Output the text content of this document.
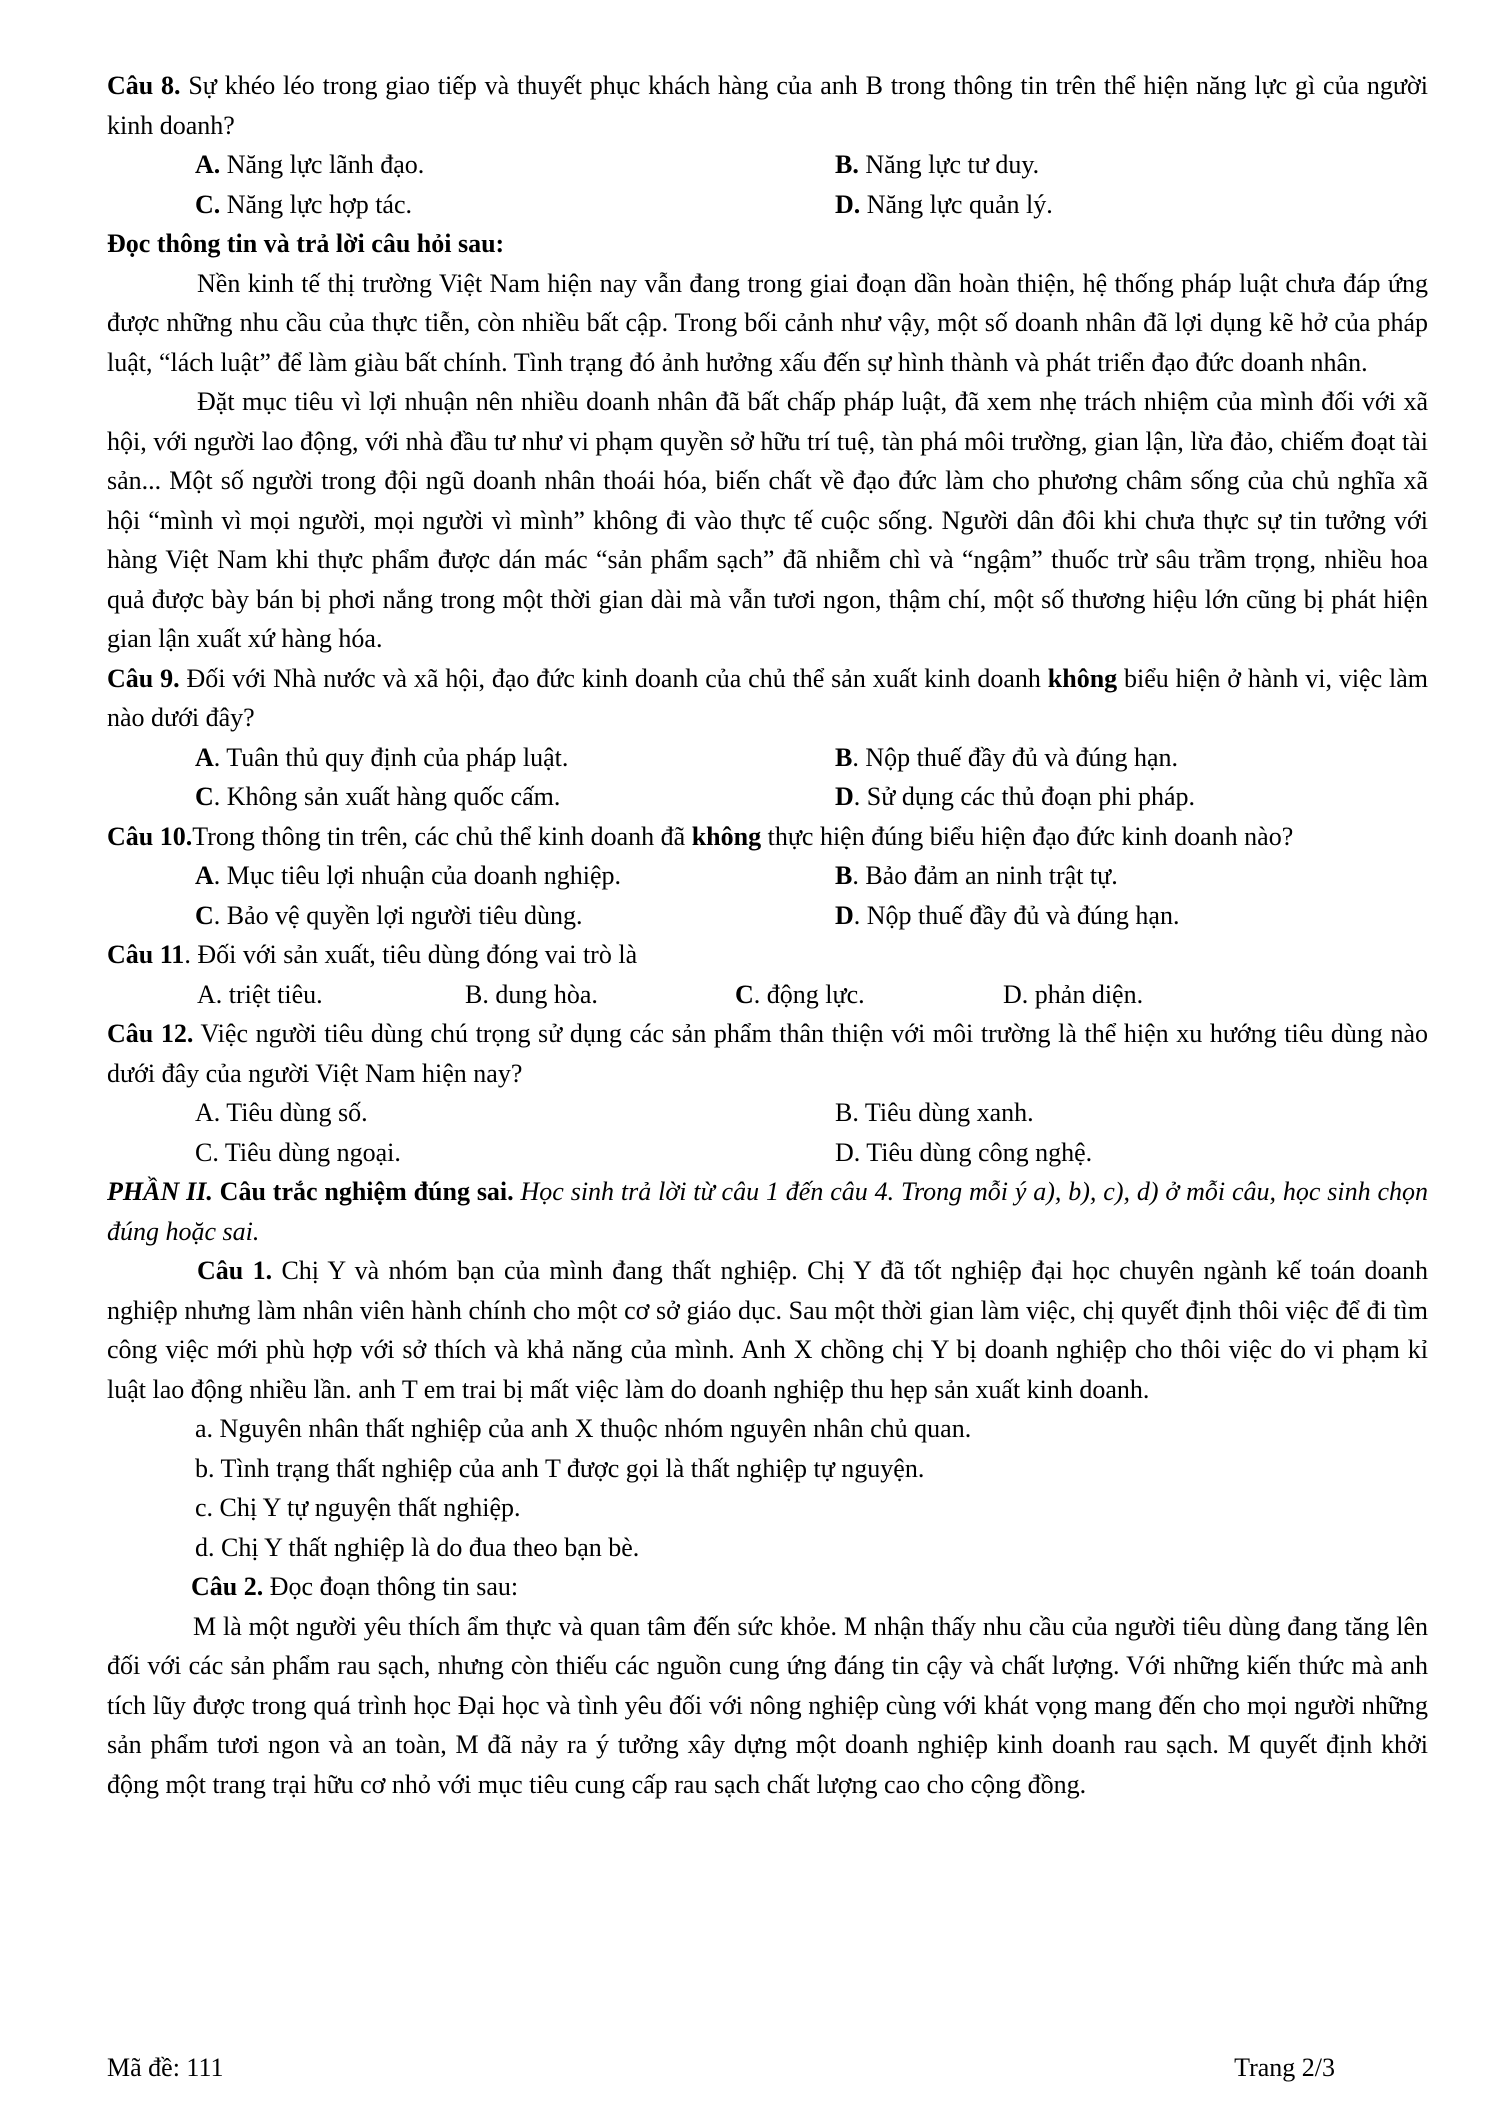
Câu 8. Sự khéo léo trong giao tiếp và thuyết phục khách hàng của anh B trong thông tin trên thể hiện năng lực gì của người kinh doanh?

A. Năng lực lãnh đạo.	B. Năng lực tư duy.
C. Năng lực hợp tác.	D. Năng lực quản lý.

Đọc thông tin và trả lời câu hỏi sau:

Nền kinh tế thị trường Việt Nam hiện nay vẫn đang trong giai đoạn dần hoàn thiện, hệ thống pháp luật chưa đáp ứng được những nhu cầu của thực tiễn, còn nhiều bất cập. Trong bối cảnh như vậy, một số doanh nhân đã lợi dụng kẽ hở của pháp luật, “lách luật” để làm giàu bất chính. Tình trạng đó ảnh hưởng xấu đến sự hình thành và phát triển đạo đức doanh nhân.

Đặt mục tiêu vì lợi nhuận nên nhiều doanh nhân đã bất chấp pháp luật, đã xem nhẹ trách nhiệm của mình đối với xã hội, với người lao động, với nhà đầu tư như vi phạm quyền sở hữu trí tuệ, tàn phá môi trường, gian lận, lừa đảo, chiếm đoạt tài sản... Một số người trong đội ngũ doanh nhân thoái hóa, biến chất về đạo đức làm cho phương châm sống của chủ nghĩa xã hội “mình vì mọi người, mọi người vì mình” không đi vào thực tế cuộc sống. Người dân đôi khi chưa thực sự tin tưởng với hàng Việt Nam khi thực phẩm được dán mác “sản phẩm sạch” đã nhiễm chì và “ngậm” thuốc trừ sâu trầm trọng, nhiều hoa quả được bày bán bị phơi nắng trong một thời gian dài mà vẫn tươi ngon, thậm chí, một số thương hiệu lớn cũng bị phát hiện gian lận xuất xứ hàng hóa.

Câu 9. Đối với Nhà nước và xã hội, đạo đức kinh doanh của chủ thể sản xuất kinh doanh không biểu hiện ở hành vi, việc làm nào dưới đây?

A. Tuân thủ quy định của pháp luật.	B. Nộp thuế đầy đủ và đúng hạn.
C. Không sản xuất hàng quốc cấm.	D. Sử dụng các thủ đoạn phi pháp.

Câu 10.Trong thông tin trên, các chủ thể kinh doanh đã không thực hiện đúng biểu hiện đạo đức kinh doanh nào?

A. Mục tiêu lợi nhuận của doanh nghiệp.	B. Bảo đảm an ninh trật tự.
C. Bảo vệ quyền lợi người tiêu dùng.	D. Nộp thuế đầy đủ và đúng hạn.

Câu 11. Đối với sản xuất, tiêu dùng đóng vai trò là

A. triệt tiêu.	B. dung hòa.	C. động lực.	D. phản diện.

Câu 12. Việc người tiêu dùng chú trọng sử dụng các sản phẩm thân thiện với môi trường là thể hiện xu hướng tiêu dùng nào dưới đây của người Việt Nam hiện nay?

A. Tiêu dùng số.	B. Tiêu dùng xanh.
C. Tiêu dùng ngoại.	D. Tiêu dùng công nghệ.

PHẦN II. Câu trắc nghiệm đúng sai. Học sinh trả lời từ câu 1 đến câu 4. Trong mỗi ý a), b), c), d) ở mỗi câu, học sinh chọn đúng hoặc sai.

Câu 1. Chị Y và nhóm bạn của mình đang thất nghiệp. Chị Y đã tốt nghiệp đại học chuyên ngành kế toán doanh nghiệp nhưng làm nhân viên hành chính cho một cơ sở giáo dục. Sau một thời gian làm việc, chị quyết định thôi việc để đi tìm công việc mới phù hợp với sở thích và khả năng của mình. Anh X chồng chị Y bị doanh nghiệp cho thôi việc do vi phạm kỉ luật lao động nhiều lần. anh T em trai bị mất việc làm do doanh nghiệp thu hẹp sản xuất kinh doanh.

a. Nguyên nhân thất nghiệp của anh X thuộc nhóm nguyên nhân chủ quan.

b. Tình trạng thất nghiệp của anh T được gọi là thất nghiệp tự nguyện.

c. Chị Y tự nguyện thất nghiệp.

d. Chị Y thất nghiệp là do đua theo bạn bè.

Câu 2. Đọc đoạn thông tin sau:

M là một người yêu thích ẩm thực và quan tâm đến sức khỏe. M nhận thấy nhu cầu của người tiêu dùng đang tăng lên đối với các sản phẩm rau sạch, nhưng còn thiếu các nguồn cung ứng đáng tin cậy và chất lượng. Với những kiến thức mà anh tích lũy được trong quá trình học Đại học và tình yêu đối với nông nghiệp cùng với khát vọng mang đến cho mọi người những sản phẩm tươi ngon và an toàn, M đã nảy ra ý tưởng xây dựng một doanh nghiệp kinh doanh rau sạch. M quyết định khởi động một trang trại hữu cơ nhỏ với mục tiêu cung cấp rau sạch chất lượng cao cho cộng đồng.

Mã đề: 111	Trang 2/3
